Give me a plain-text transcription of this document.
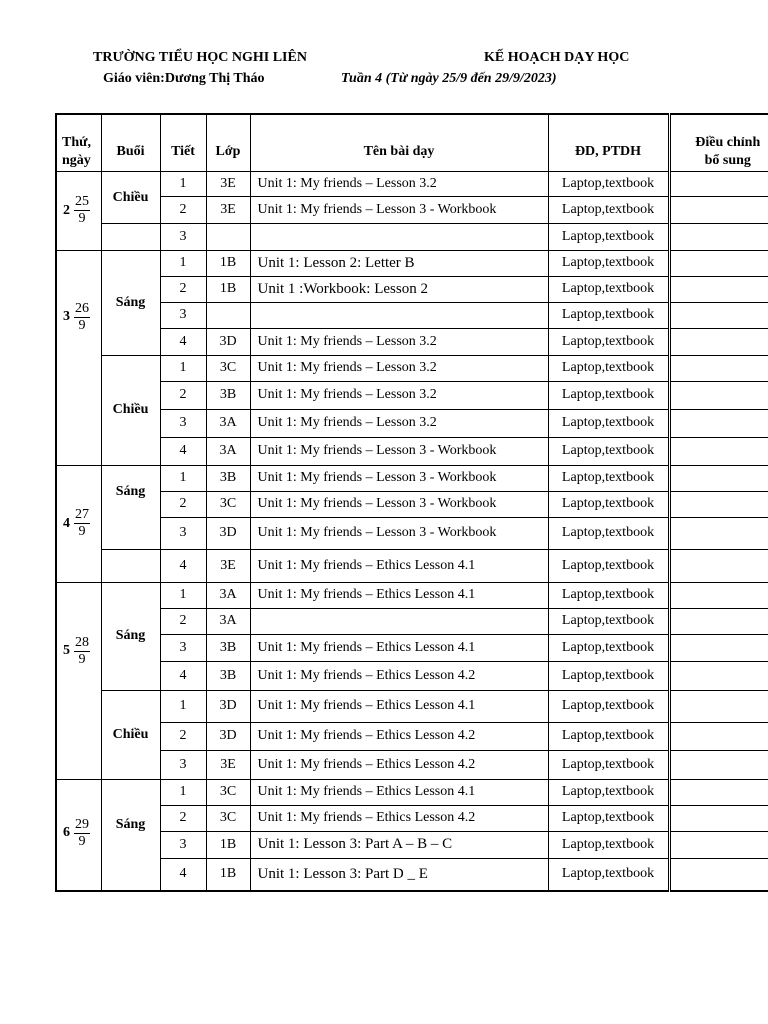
TRƯỜNG TIỂU HỌC NGHI LIÊN	KẾ HOẠCH DẠY HỌC
Giáo viên:Dương Thị Tháo	Tuần 4 (Từ ngày 25/9 đến 29/9/2023)
Thứ,
ngày	Buổi	Tiết	Lớp	Tên bài dạy	ĐD, PTDH	Điều chỉnh
bổ sung
$2 \frac{25}{9}$	Chiều	1	3E	Unit 1: My friends – Lesson 3.2	Laptop,textbook	
		2	3E	Unit 1: My friends – Lesson 3 - Workbook	Laptop,textbook	
		3			Laptop,textbook	
$3 \frac{26}{9}$	Sáng	1	1B	Unit 1: Lesson 2: Letter B	Laptop,textbook	
		2	1B	Unit 1 :Workbook: Lesson 2	Laptop,textbook	
		3			Laptop,textbook	
		4	3D	Unit 1: My friends – Lesson 3.2	Laptop,textbook	
	Chiều	1	3C	Unit 1: My friends – Lesson 3.2	Laptop,textbook	
		2	3B	Unit 1: My friends – Lesson 3.2	Laptop,textbook	
		3	3A	Unit 1: My friends – Lesson 3.2	Laptop,textbook	
		4	3A	Unit 1: My friends – Lesson 3 - Workbook	Laptop,textbook	
$4 \frac{27}{9}$	Sáng	1	3B	Unit 1: My friends – Lesson 3 - Workbook	Laptop,textbook	
		2	3C	Unit 1: My friends – Lesson 3 - Workbook	Laptop,textbook	
		3	3D	Unit 1: My friends – Lesson 3 - Workbook	Laptop,textbook	
		4	3E	Unit 1: My friends – Ethics Lesson 4.1	Laptop,textbook	
$5 \frac{28}{9}$	Sáng	1	3A	Unit 1: My friends – Ethics Lesson 4.1	Laptop,textbook	
		2	3A		Laptop,textbook	
		3	3B	Unit 1: My friends – Ethics Lesson 4.1	Laptop,textbook	
		4	3B	Unit 1: My friends – Ethics Lesson 4.2	Laptop,textbook	
	Chiều	1	3D	Unit 1: My friends – Ethics Lesson 4.1	Laptop,textbook	
		2	3D	Unit 1: My friends – Ethics Lesson 4.2	Laptop,textbook	
		3	3E	Unit 1: My friends – Ethics Lesson 4.2	Laptop,textbook	
$6 \frac{29}{9}$	Sáng	1	3C	Unit 1: My friends – Ethics Lesson 4.1	Laptop,textbook	
		2	3C	Unit 1: My friends – Ethics Lesson 4.2	Laptop,textbook	
		3	1B	Unit 1: Lesson 3: Part A – B – C	Laptop,textbook	
		4	1B	Unit 1: Lesson 3: Part D _ E	Laptop,textbook	
